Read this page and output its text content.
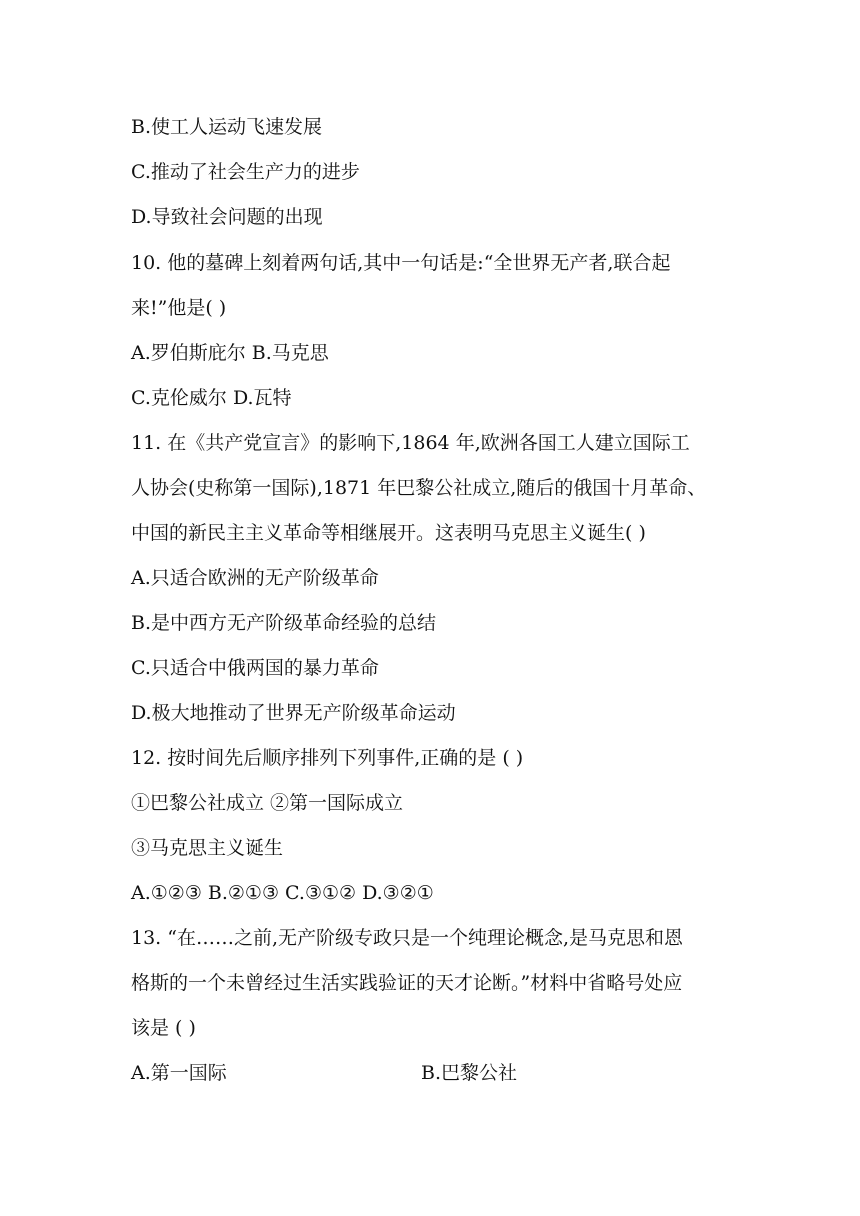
B.使工人运动飞速发展
C.推动了社会生产力的进步
D.导致社会问题的出现
10. 他的墓碑上刻着两句话,其中一句话是:“全世界无产者,联合起
来!”他是( )
A.罗伯斯庇尔 B.马克思
C.克伦威尔 D.瓦特
11. 在《共产党宣言》的影响下,1864 年,欧洲各国工人建立国际工
人协会(史称第一国际),1871 年巴黎公社成立,随后的俄国十月革命、
中国的新民主主义革命等相继展开。这表明马克思主义诞生( )
A.只适合欧洲的无产阶级革命
B.是中西方无产阶级革命经验的总结
C.只适合中俄两国的暴力革命
D.极大地推动了世界无产阶级革命运动
12. 按时间先后顺序排列下列事件,正确的是 ( )
①巴黎公社成立 ②第一国际成立
③马克思主义诞生
A.①②③ B.②①③ C.③①② D.③②①
13. “在……之前,无产阶级专政只是一个纯理论概念,是马克思和恩
格斯的一个未曾经过生活实践验证的天才论断。”材料中省略号处应
该是 ( )
A.第一国际	B.巴黎公社
